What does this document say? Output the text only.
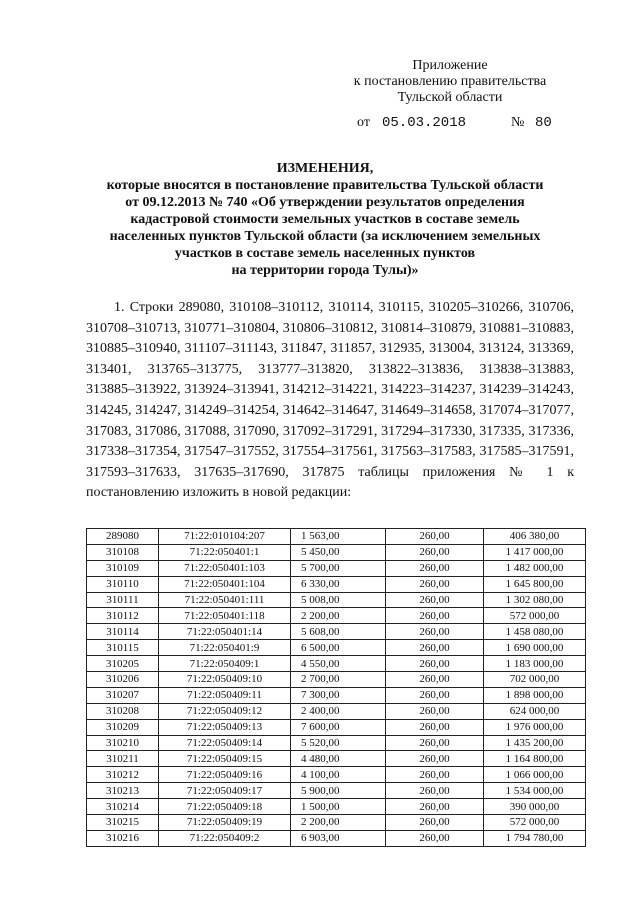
Приложение
к постановлению правительства
Тульской области
от 05.03.2018	№ 80
ИЗМЕНЕНИЯ,
которые вносятся в постановление правительства Тульской области
от 09.12.2013 № 740 «Об утверждении результатов определения
кадастровой стоимости земельных участков в составе земель
населенных пунктов Тульской области (за исключением земельных
участков в составе земель населенных пунктов
на территории города Тулы)»
1. Строки 289080, 310108–310112, 310114, 310115, 310205–310266, 310706, 310708–310713, 310771–310804, 310806–310812, 310814–310879, 310881–310883, 310885–310940, 311107–311143, 311847, 311857, 312935, 313004, 313124, 313369, 313401, 313765–313775, 313777–313820, 313822–313836, 313838–313883, 313885–313922, 313924–313941, 314212–314221, 314223–314237, 314239–314243, 314245, 314247, 314249–314254, 314642–314647, 314649–314658, 317074–317077, 317083, 317086, 317088, 317090, 317092–317291, 317294–317330, 317335, 317336, 317338–317354, 317547–317552, 317554–317561, 317563–317583, 317585–317591, 317593–317633, 317635–317690, 317875 таблицы приложения № 1 к постановлению изложить в новой редакции:
289080	71:22:010104:207	1 563,00	260,00	406 380,00
310108	71:22:050401:1	5 450,00	260,00	1 417 000,00
310109	71:22:050401:103	5 700,00	260,00	1 482 000,00
310110	71:22:050401:104	6 330,00	260,00	1 645 800,00
310111	71:22:050401:111	5 008,00	260,00	1 302 080,00
310112	71:22:050401:118	2 200,00	260,00	572 000,00
310114	71:22:050401:14	5 608,00	260,00	1 458 080,00
310115	71:22:050401:9	6 500,00	260,00	1 690 000,00
310205	71:22:050409:1	4 550,00	260,00	1 183 000,00
310206	71:22:050409:10	2 700,00	260,00	702 000,00
310207	71:22:050409:11	7 300,00	260,00	1 898 000,00
310208	71:22:050409:12	2 400,00	260,00	624 000,00
310209	71:22:050409:13	7 600,00	260,00	1 976 000,00
310210	71:22:050409:14	5 520,00	260,00	1 435 200,00
310211	71:22:050409:15	4 480,00	260,00	1 164 800,00
310212	71:22:050409:16	4 100,00	260,00	1 066 000,00
310213	71:22:050409:17	5 900,00	260,00	1 534 000,00
310214	71:22:050409:18	1 500,00	260,00	390 000,00
310215	71:22:050409:19	2 200,00	260,00	572 000,00
310216	71:22:050409:2	6 903,00	260,00	1 794 780,00
